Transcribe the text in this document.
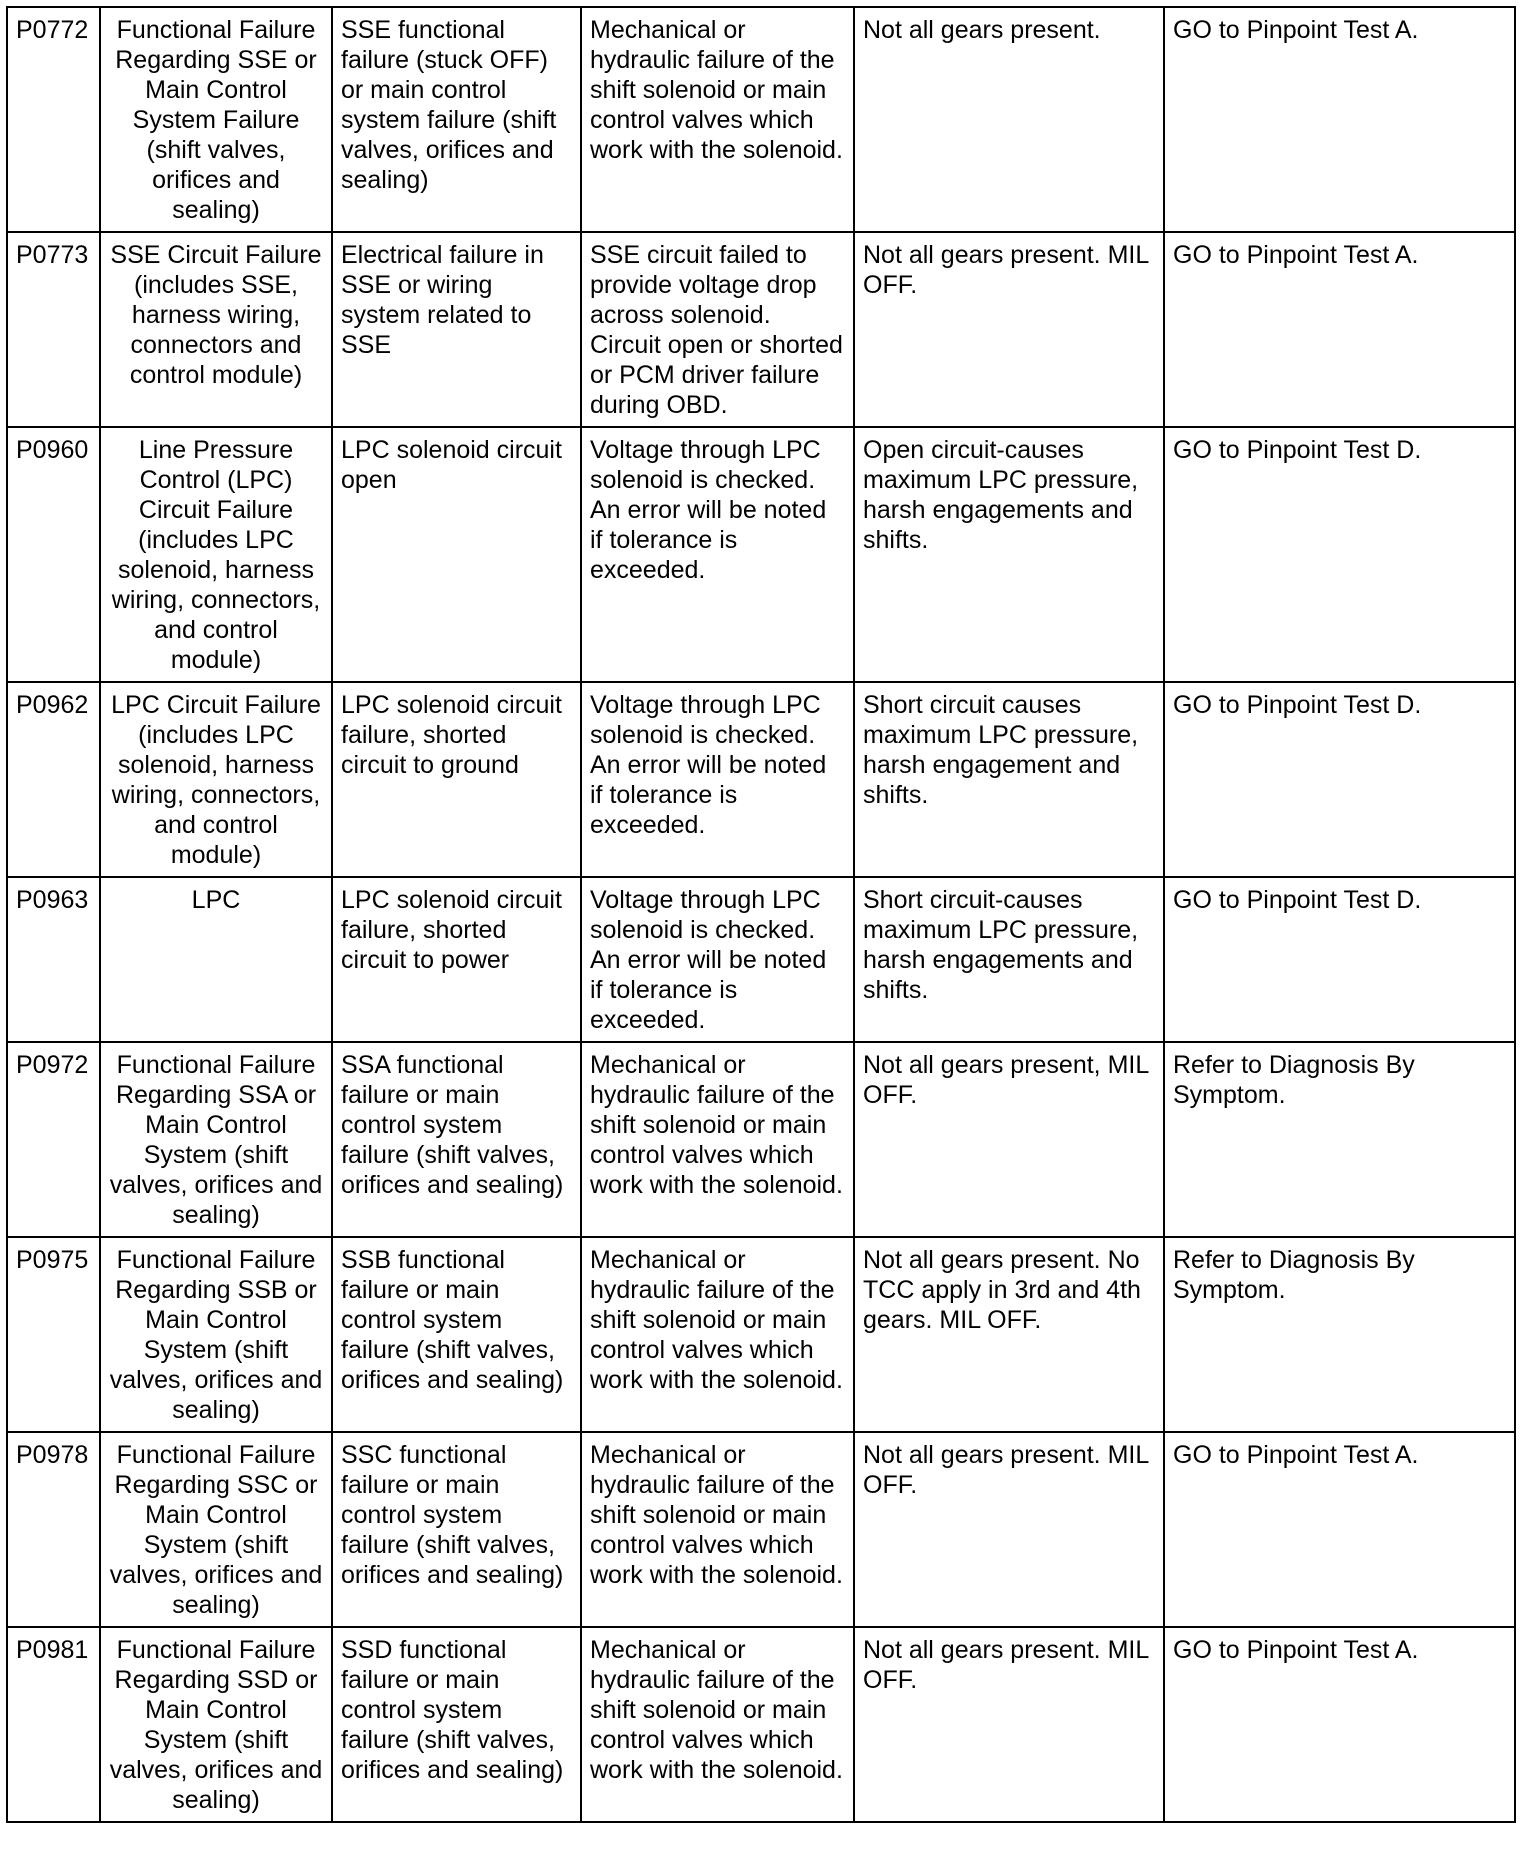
P0772	Functional Failure Regarding SSE or Main Control System Failure (shift valves, orifices and sealing)	SSE functional failure (stuck OFF) or main control system failure (shift valves, orifices and sealing)	Mechanical or hydraulic failure of the shift solenoid or main control valves which work with the solenoid.	Not all gears present.	GO to Pinpoint Test A.
P0773	SSE Circuit Failure (includes SSE, harness wiring, connectors and control module)	Electrical failure in SSE or wiring system related to SSE	SSE circuit failed to provide voltage drop across solenoid. Circuit open or shorted or PCM driver failure during OBD.	Not all gears present. MIL OFF.	GO to Pinpoint Test A.
P0960	Line Pressure Control (LPC) Circuit Failure (includes LPC solenoid, harness wiring, connectors, and control module)	LPC solenoid circuit open	Voltage through LPC solenoid is checked. An error will be noted if tolerance is exceeded.	Open circuit-causes maximum LPC pressure, harsh engagements and shifts.	GO to Pinpoint Test D.
P0962	LPC Circuit Failure (includes LPC solenoid, harness wiring, connectors, and control module)	LPC solenoid circuit failure, shorted circuit to ground	Voltage through LPC solenoid is checked. An error will be noted if tolerance is exceeded.	Short circuit causes maximum LPC pressure, harsh engagement and shifts.	GO to Pinpoint Test D.
P0963	LPC	LPC solenoid circuit failure, shorted circuit to power	Voltage through LPC solenoid is checked. An error will be noted if tolerance is exceeded.	Short circuit-causes maximum LPC pressure, harsh engagements and shifts.	GO to Pinpoint Test D.
P0972	Functional Failure Regarding SSA or Main Control System (shift valves, orifices and sealing)	SSA functional failure or main control system failure (shift valves, orifices and sealing)	Mechanical or hydraulic failure of the shift solenoid or main control valves which work with the solenoid.	Not all gears present, MIL OFF.	Refer to Diagnosis By Symptom.
P0975	Functional Failure Regarding SSB or Main Control System (shift valves, orifices and sealing)	SSB functional failure or main control system failure (shift valves, orifices and sealing)	Mechanical or hydraulic failure of the shift solenoid or main control valves which work with the solenoid.	Not all gears present. No TCC apply in 3rd and 4th gears. MIL OFF.	Refer to Diagnosis By Symptom.
P0978	Functional Failure Regarding SSC or Main Control System (shift valves, orifices and sealing)	SSC functional failure or main control system failure (shift valves, orifices and sealing)	Mechanical or hydraulic failure of the shift solenoid or main control valves which work with the solenoid.	Not all gears present. MIL OFF.	GO to Pinpoint Test A.
P0981	Functional Failure Regarding SSD or Main Control System (shift valves, orifices and sealing)	SSD functional failure or main control system failure (shift valves, orifices and sealing)	Mechanical or hydraulic failure of the shift solenoid or main control valves which work with the solenoid.	Not all gears present. MIL OFF.	GO to Pinpoint Test A.
